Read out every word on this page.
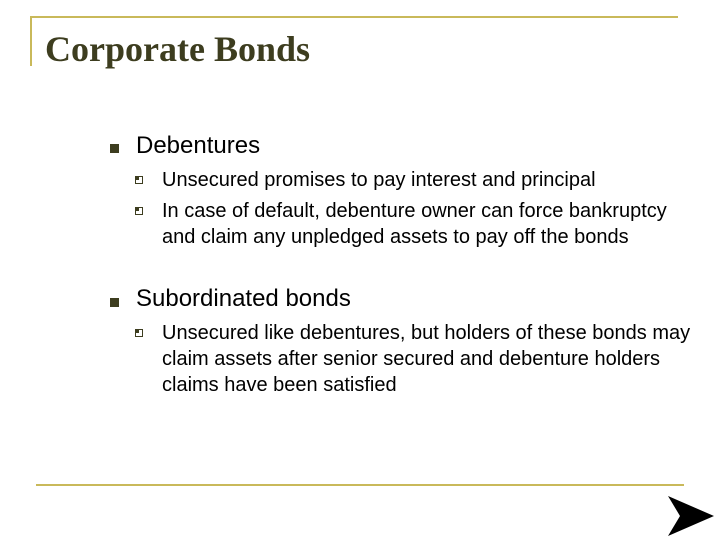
Corporate Bonds
Debentures
Unsecured promises to pay interest and principal
In case of default, debenture owner can force bankruptcy and claim any unpledged assets to pay off the bonds
Subordinated bonds
Unsecured like debentures, but holders of these bonds may claim assets after senior secured and debenture holders claims have been satisfied
